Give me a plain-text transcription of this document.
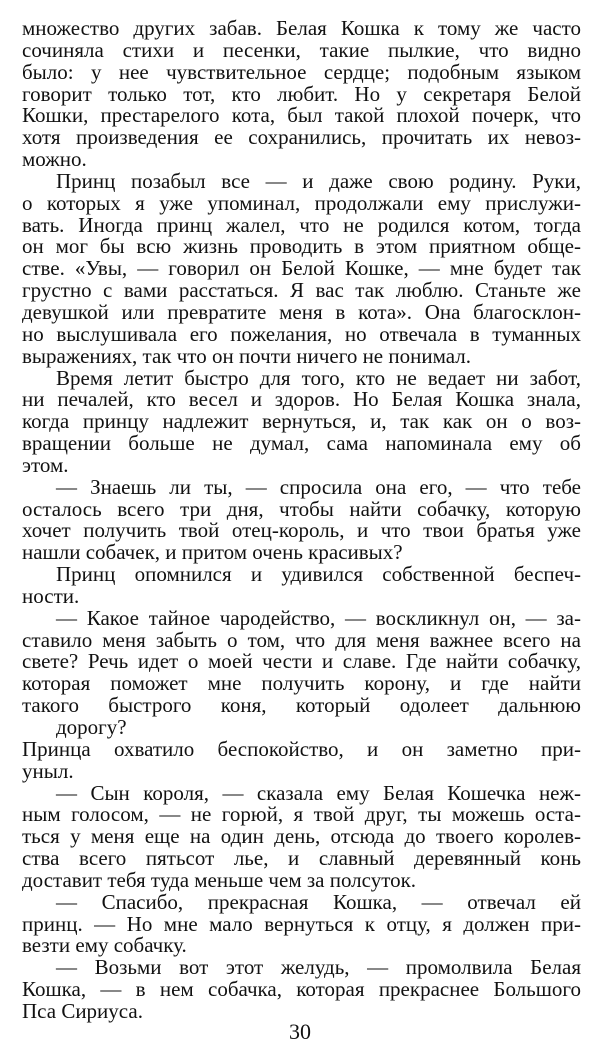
множество других забав. Белая Кошка к тому же часто
сочиняла стихи и песенки, такие пылкие, что видно
было: у нее чувствительное сердце; подобным языком
говорит только тот, кто любит. Но у секретаря Белой
Кошки, престарелого кота, был такой плохой почерк, что
хотя произведения ее сохранились, прочитать их невоз-
можно.
Принц позабыл все — и даже свою родину. Руки,
о которых я уже упоминал, продолжали ему прислужи-
вать. Иногда принц жалел, что не родился котом, тогда
он мог бы всю жизнь проводить в этом приятном обще-
стве. «Увы, — говорил он Белой Кошке, — мне будет так
грустно с вами расстаться. Я вас так люблю. Станьте же
девушкой или превратите меня в кота». Она благосклон-
но выслушивала его пожелания, но отвечала в туманных
выражениях, так что он почти ничего не понимал.
Время летит быстро для того, кто не ведает ни забот,
ни печалей, кто весел и здоров. Но Белая Кошка знала,
когда принцу надлежит вернуться, и, так как он о воз-
вращении больше не думал, сама напоминала ему об
этом.
— Знаешь ли ты, — спросила она его, — что тебе
осталось всего три дня, чтобы найти собачку, которую
хочет получить твой отец-король, и что твои братья уже
нашли собачек, и притом очень красивых?
Принц опомнился и удивился собственной беспеч-
ности.
— Какое тайное чародейство, — воскликнул он, — за-
ставило меня забыть о том, что для меня важнее всего на
свете? Речь идет о моей чести и славе. Где найти собачку,
которая поможет мне получить корону, и где найти
такого быстрого коня, который одолеет дальнюю
дорогу?
Принца охватило беспокойство, и он заметно при-
уныл.
— Сын короля, — сказала ему Белая Кошечка неж-
ным голосом, — не горюй, я твой друг, ты можешь оста-
ться у меня еще на один день, отсюда до твоего королев-
ства всего пятьсот лье, и славный деревянный конь
доставит тебя туда меньше чем за полсуток.
— Спасибо, прекрасная Кошка, — отвечал ей
принц. — Но мне мало вернуться к отцу, я должен при-
везти ему собачку.
— Возьми вот этот желудь, — промолвила Белая
Кошка, — в нем собачка, которая прекраснее Большого
Пса Сириуса.
30
